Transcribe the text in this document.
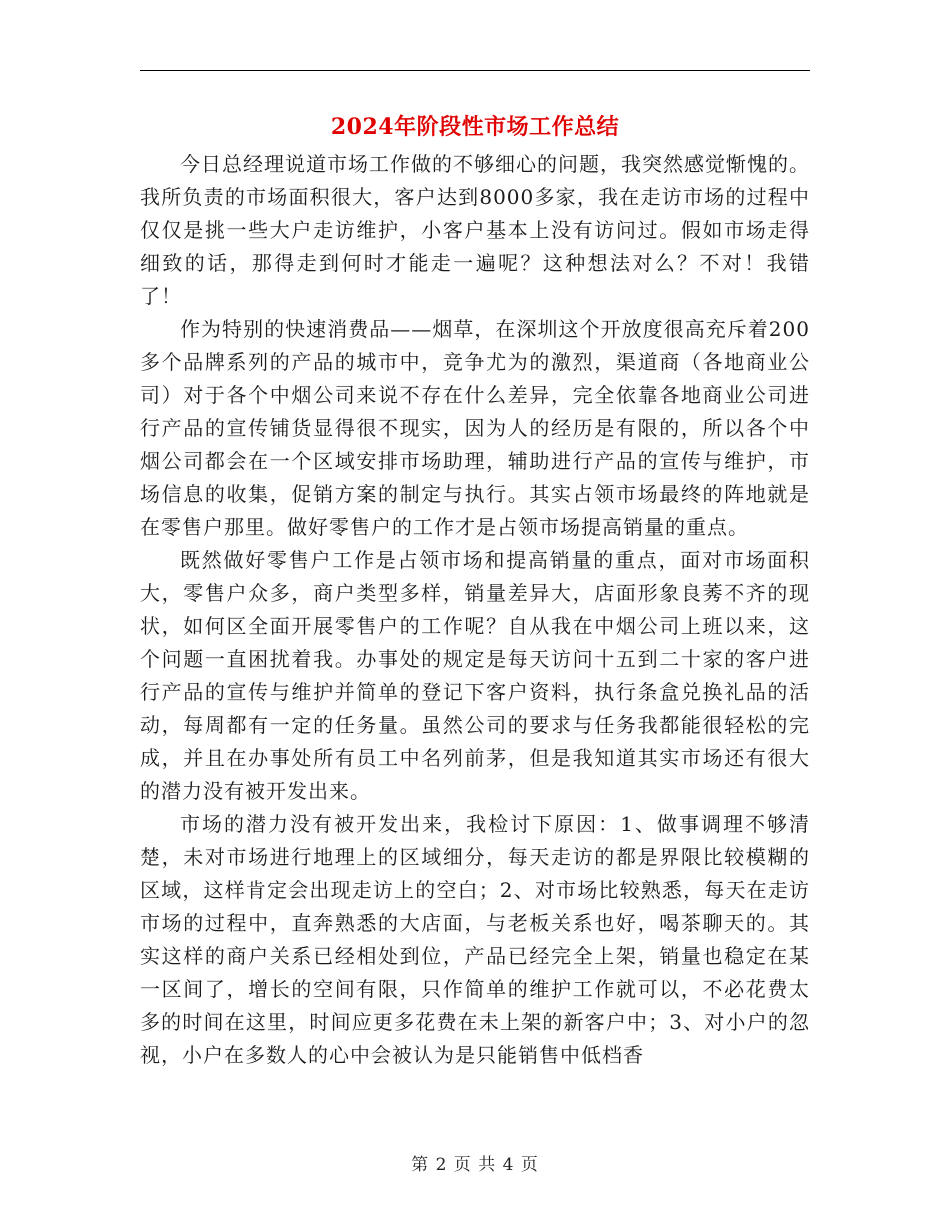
2024年阶段性市场工作总结

今日总经理说道市场工作做的不够细心的问题，我突然感觉惭愧的。我所负责的市场面积很大，客户达到8000多家，我在走访市场的过程中仅仅是挑一些大户走访维护，小客户基本上没有访问过。假如市场走得细致的话，那得走到何时才能走一遍呢？这种想法对么？不对！我错了！

作为特别的快速消费品——烟草，在深圳这个开放度很高充斥着200多个品牌系列的产品的城市中，竞争尤为的激烈，渠道商（各地商业公司）对于各个中烟公司来说不存在什么差异，完全依靠各地商业公司进行产品的宣传铺货显得很不现实，因为人的经历是有限的，所以各个中烟公司都会在一个区域安排市场助理，辅助进行产品的宣传与维护，市场信息的收集，促销方案的制定与执行。其实占领市场最终的阵地就是在零售户那里。做好零售户的工作才是占领市场提高销量的重点。

既然做好零售户工作是占领市场和提高销量的重点，面对市场面积大，零售户众多，商户类型多样，销量差异大，店面形象良莠不齐的现状，如何区全面开展零售户的工作呢？自从我在中烟公司上班以来，这个问题一直困扰着我。办事处的规定是每天访问十五到二十家的客户进行产品的宣传与维护并简单的登记下客户资料，执行条盒兑换礼品的活动，每周都有一定的任务量。虽然公司的要求与任务我都能很轻松的完成，并且在办事处所有员工中名列前茅，但是我知道其实市场还有很大的潜力没有被开发出来。

市场的潜力没有被开发出来，我检讨下原因：1、做事调理不够清楚，未对市场进行地理上的区域细分，每天走访的都是界限比较模糊的区域，这样肯定会出现走访上的空白；2、对市场比较熟悉，每天在走访市场的过程中，直奔熟悉的大店面，与老板关系也好，喝茶聊天的。其实这样的商户关系已经相处到位，产品已经完全上架，销量也稳定在某一区间了，增长的空间有限，只作简单的维护工作就可以，不必花费太多的时间在这里，时间应更多花费在未上架的新客户中；3、对小户的忽视，小户在多数人的心中会被认为是只能销售中低档香

第 2 页 共 4 页
